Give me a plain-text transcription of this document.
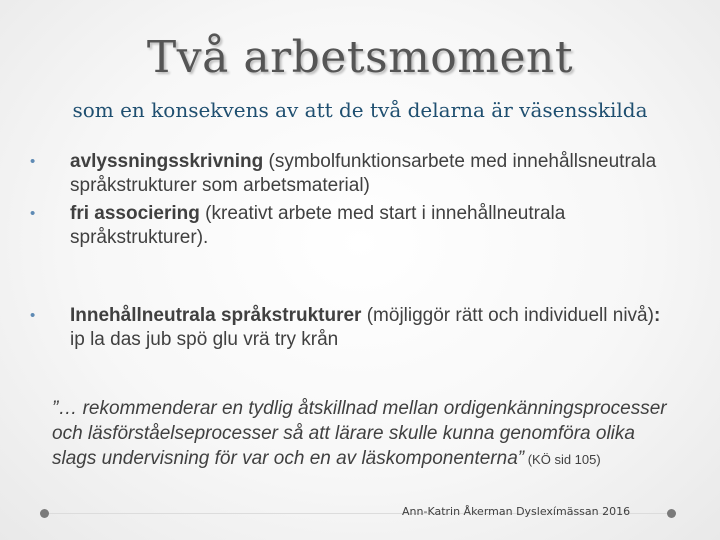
Två arbetsmoment
som en konsekvens av att de två delarna är väsensskilda
• avlyssningsskrivning (symbolfunktionsarbete med innehållsneutrala språkstrukturer som arbetsmaterial)
• fri associering (kreativt arbete med start i innehållneutrala språkstrukturer).
• Innehållneutrala språkstrukturer (möjliggör rätt och individuell nivå): ip la das jub spö glu vrä try krån
”… rekommenderar en tydlig åtskillnad mellan ordigenkänningsprocesser och läsförståelseprocesser så att lärare skulle kunna genomföra olika slags undervisning för var och en av läskomponenterna” (KÖ sid 105)
Ann-Katrin Åkerman Dyslexímässan 2016
